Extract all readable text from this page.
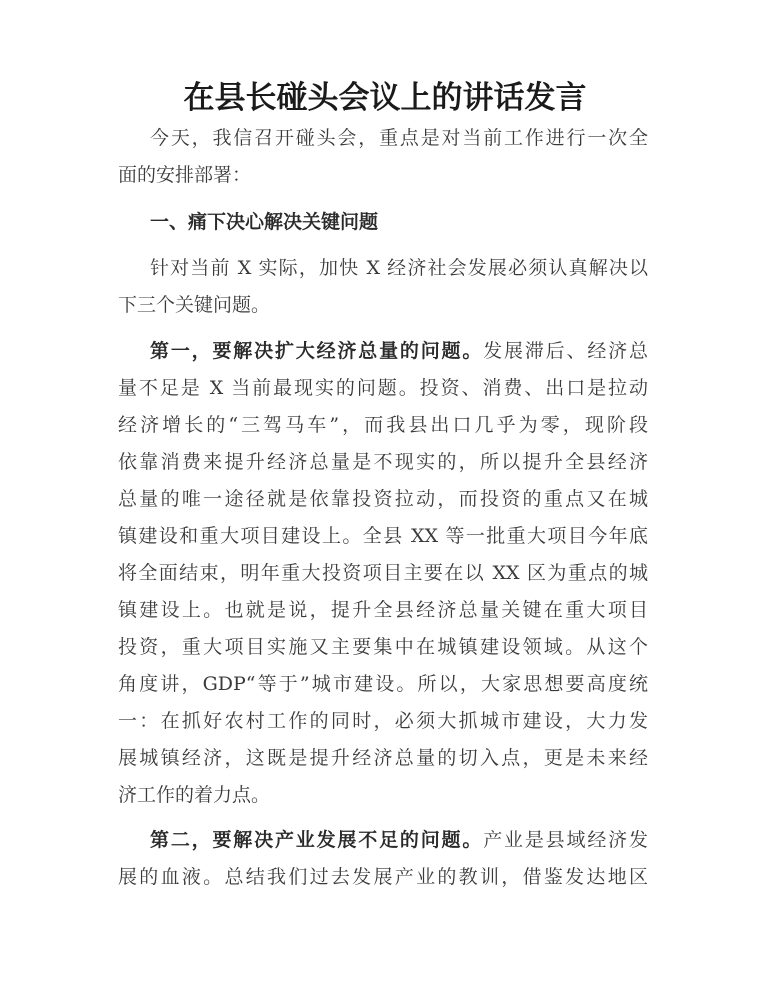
在县长碰头会议上的讲话发言
今天，我信召开碰头会，重点是对当前工作进行一次全
面的安排部署：
一、痛下决心解决关键问题
针对当前 X 实际，加快 X 经济社会发展必须认真解决以
下三个关键问题。
第一，要解决扩大经济总量的问题。发展滞后、经济总
量不足是 X 当前最现实的问题。投资、消费、出口是拉动
经济增长的“三驾马车”，而我县出口几乎为零，现阶段
依靠消费来提升经济总量是不现实的，所以提升全县经济
总量的唯一途径就是依靠投资拉动，而投资的重点又在城
镇建设和重大项目建设上。全县 XX 等一批重大项目今年底
将全面结束，明年重大投资项目主要在以 XX 区为重点的城
镇建设上。也就是说，提升全县经济总量关键在重大项目
投资，重大项目实施又主要集中在城镇建设领域。从这个
角度讲，GDP“等于”城市建设。所以，大家思想要高度统
一：在抓好农村工作的同时，必须大抓城市建设，大力发
展城镇经济，这既是提升经济总量的切入点，更是未来经
济工作的着力点。
第二，要解决产业发展不足的问题。产业是县域经济发
展的血液。总结我们过去发展产业的教训，借鉴发达地区
